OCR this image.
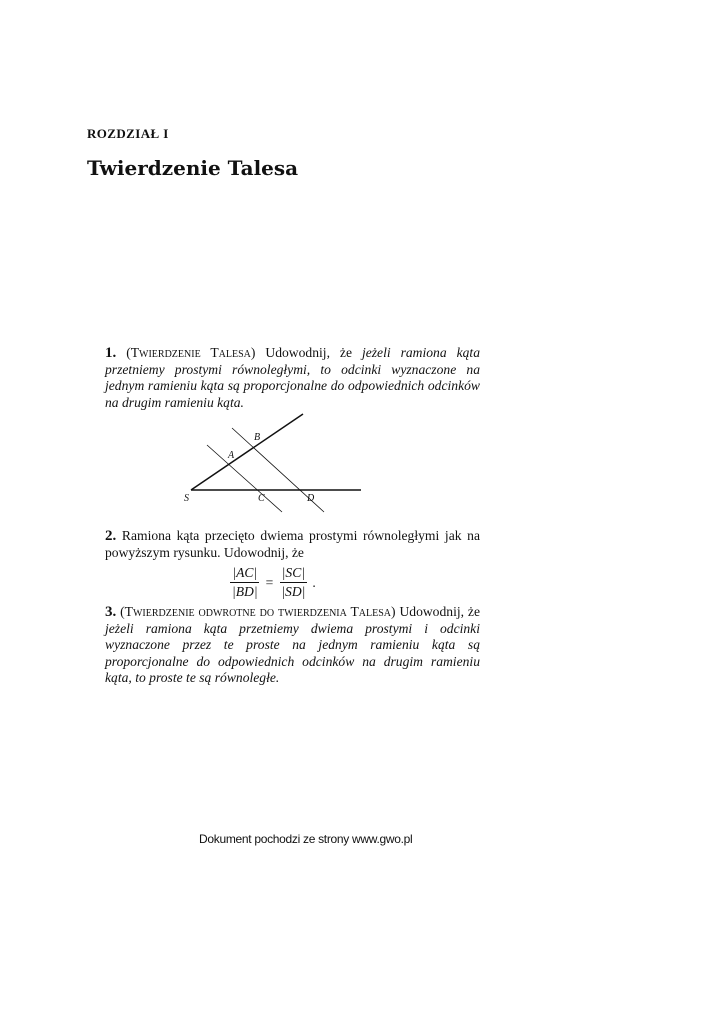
ROZDZIAŁ I
Twierdzenie Talesa
1. (Twierdzenie Talesa) Udowodnij, że jeżeli ramiona kąta przetniemy prostymi równoległymi, to odcinki wyznaczone na jednym ramieniu kąta są proporcjonalne do odpowiednich odcinków na drugim ramieniu kąta.
S
A
B
C	D
2. Ramiona kąta przecięto dwiema prostymi równoległymi jak na powyższym rysunku. Udowodnij, że
$\frac{|AC|}{|BD|} = \frac{|SC|}{|SD|}$ .
3. (Twierdzenie odwrotne do twierdzenia Talesa) Udowodnij, że jeżeli ramiona kąta przetniemy dwiema prostymi i odcinki wyznaczone przez te proste na jednym ramieniu kąta są proporcjonalne do odpowiednich odcinków na drugim ramieniu kąta, to proste te są równoległe.
Dokument pochodzi ze strony www.gwo.pl
